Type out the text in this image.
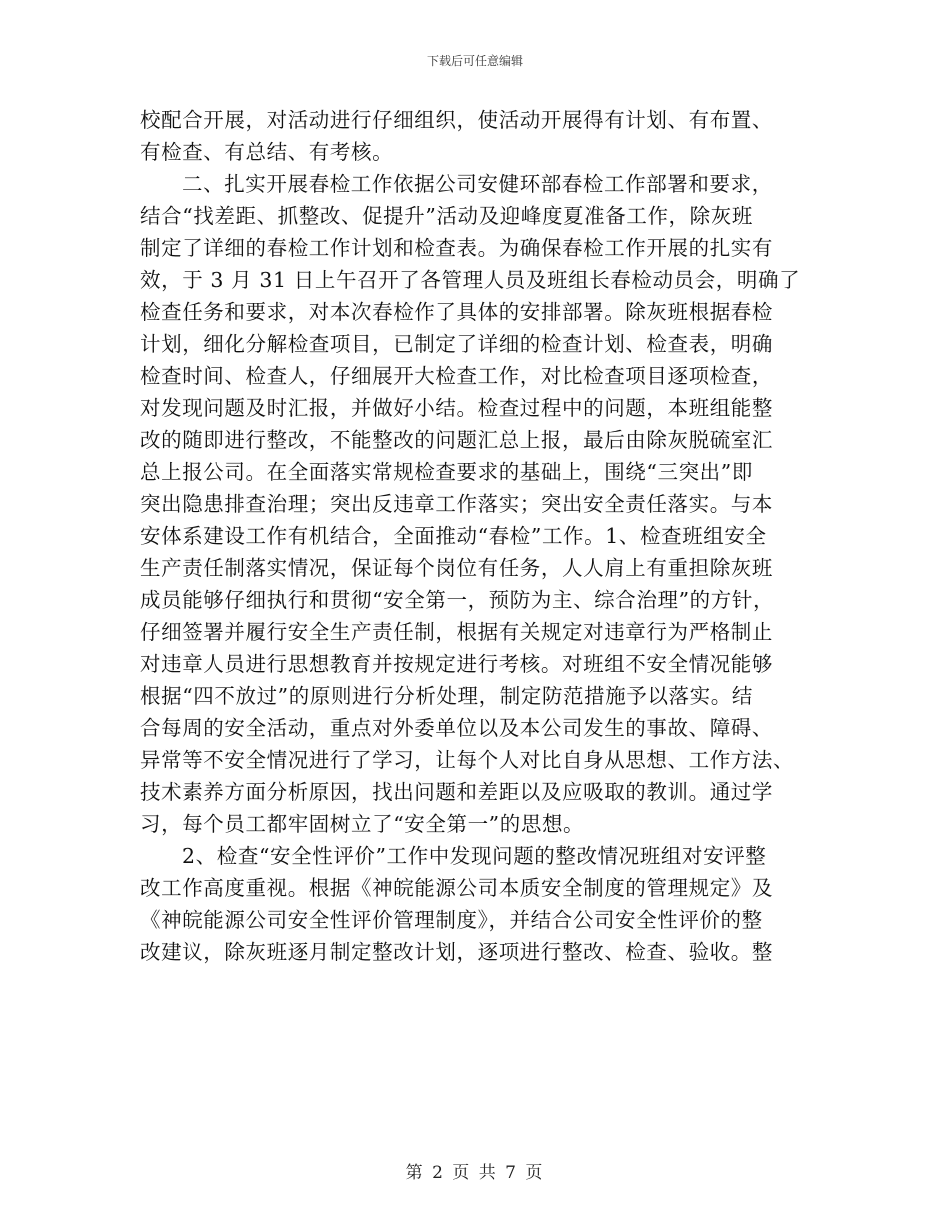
下载后可任意编辑
校配合开展，对活动进行仔细组织，使活动开展得有计划、有布置、
有检查、有总结、有考核。
二、扎实开展春检工作依据公司安健环部春检工作部署和要求，
结合“找差距、抓整改、促提升”活动及迎峰度夏准备工作，除灰班
制定了详细的春检工作计划和检查表。为确保春检工作开展的扎实有
效，于 3 月 31 日上午召开了各管理人员及班组长春检动员会，明确了
检查任务和要求，对本次春检作了具体的安排部署。除灰班根据春检
计划，细化分解检查项目，已制定了详细的检查计划、检查表，明确
检查时间、检查人，仔细展开大检查工作，对比检查项目逐项检查，
对发现问题及时汇报，并做好小结。检查过程中的问题，本班组能整
改的随即进行整改，不能整改的问题汇总上报，最后由除灰脱硫室汇
总上报公司。在全面落实常规检查要求的基础上，围绕“三突出”即
突出隐患排查治理；突出反违章工作落实；突出安全责任落实。与本
安体系建设工作有机结合，全面推动“春检”工作。1、检查班组安全
生产责任制落实情况，保证每个岗位有任务，人人肩上有重担除灰班
成员能够仔细执行和贯彻“安全第一，预防为主、综合治理”的方针，
仔细签署并履行安全生产责任制，根据有关规定对违章行为严格制止
对违章人员进行思想教育并按规定进行考核。对班组不安全情况能够
根据“四不放过”的原则进行分析处理，制定防范措施予以落实。结
合每周的安全活动，重点对外委单位以及本公司发生的事故、障碍、
异常等不安全情况进行了学习，让每个人对比自身从思想、工作方法、
技术素养方面分析原因，找出问题和差距以及应吸取的教训。通过学
习，每个员工都牢固树立了“安全第一”的思想。
2、检查“安全性评价”工作中发现问题的整改情况班组对安评整
改工作高度重视。根据《神皖能源公司本质安全制度的管理规定》及
《神皖能源公司安全性评价管理制度》，并结合公司安全性评价的整
改建议，除灰班逐月制定整改计划，逐项进行整改、检查、验收。整
第 2 页 共 7 页
